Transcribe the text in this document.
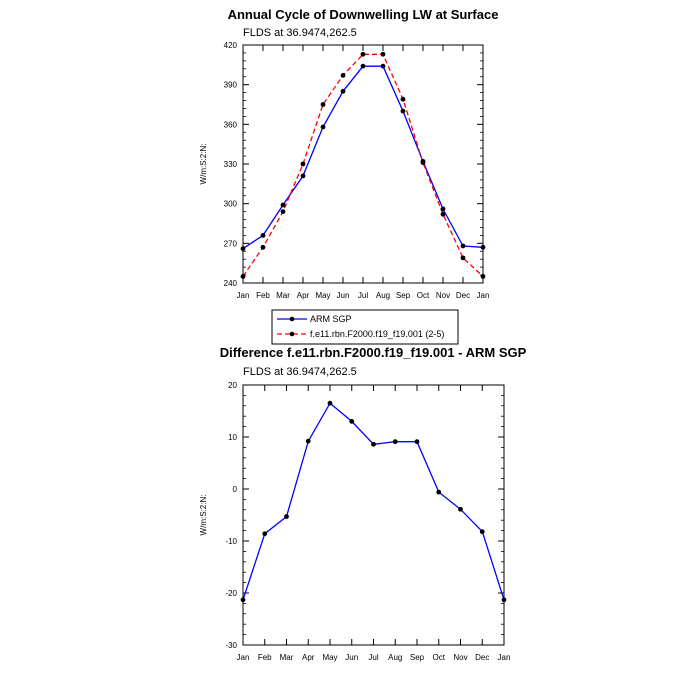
Annual Cycle of Downwelling LW at Surface
FLDS at 36.9474,262.5
W/m:S:2:N:
240
270
300
330
360
390
420
Jan Feb Mar Apr May Jun Jul Aug Sep Oct Nov Dec Jan
ARM SGP
f.e11.rbn.F2000.f19_f19.001 (2-5)
Difference f.e11.rbn.F2000.f19_f19.001 - ARM SGP
FLDS at 36.9474,262.5
W/m:S:2:N:
-30
-20
-10
0
10
20
Jan Feb Mar Apr May Jun Jul Aug Sep Oct Nov Dec Jan
